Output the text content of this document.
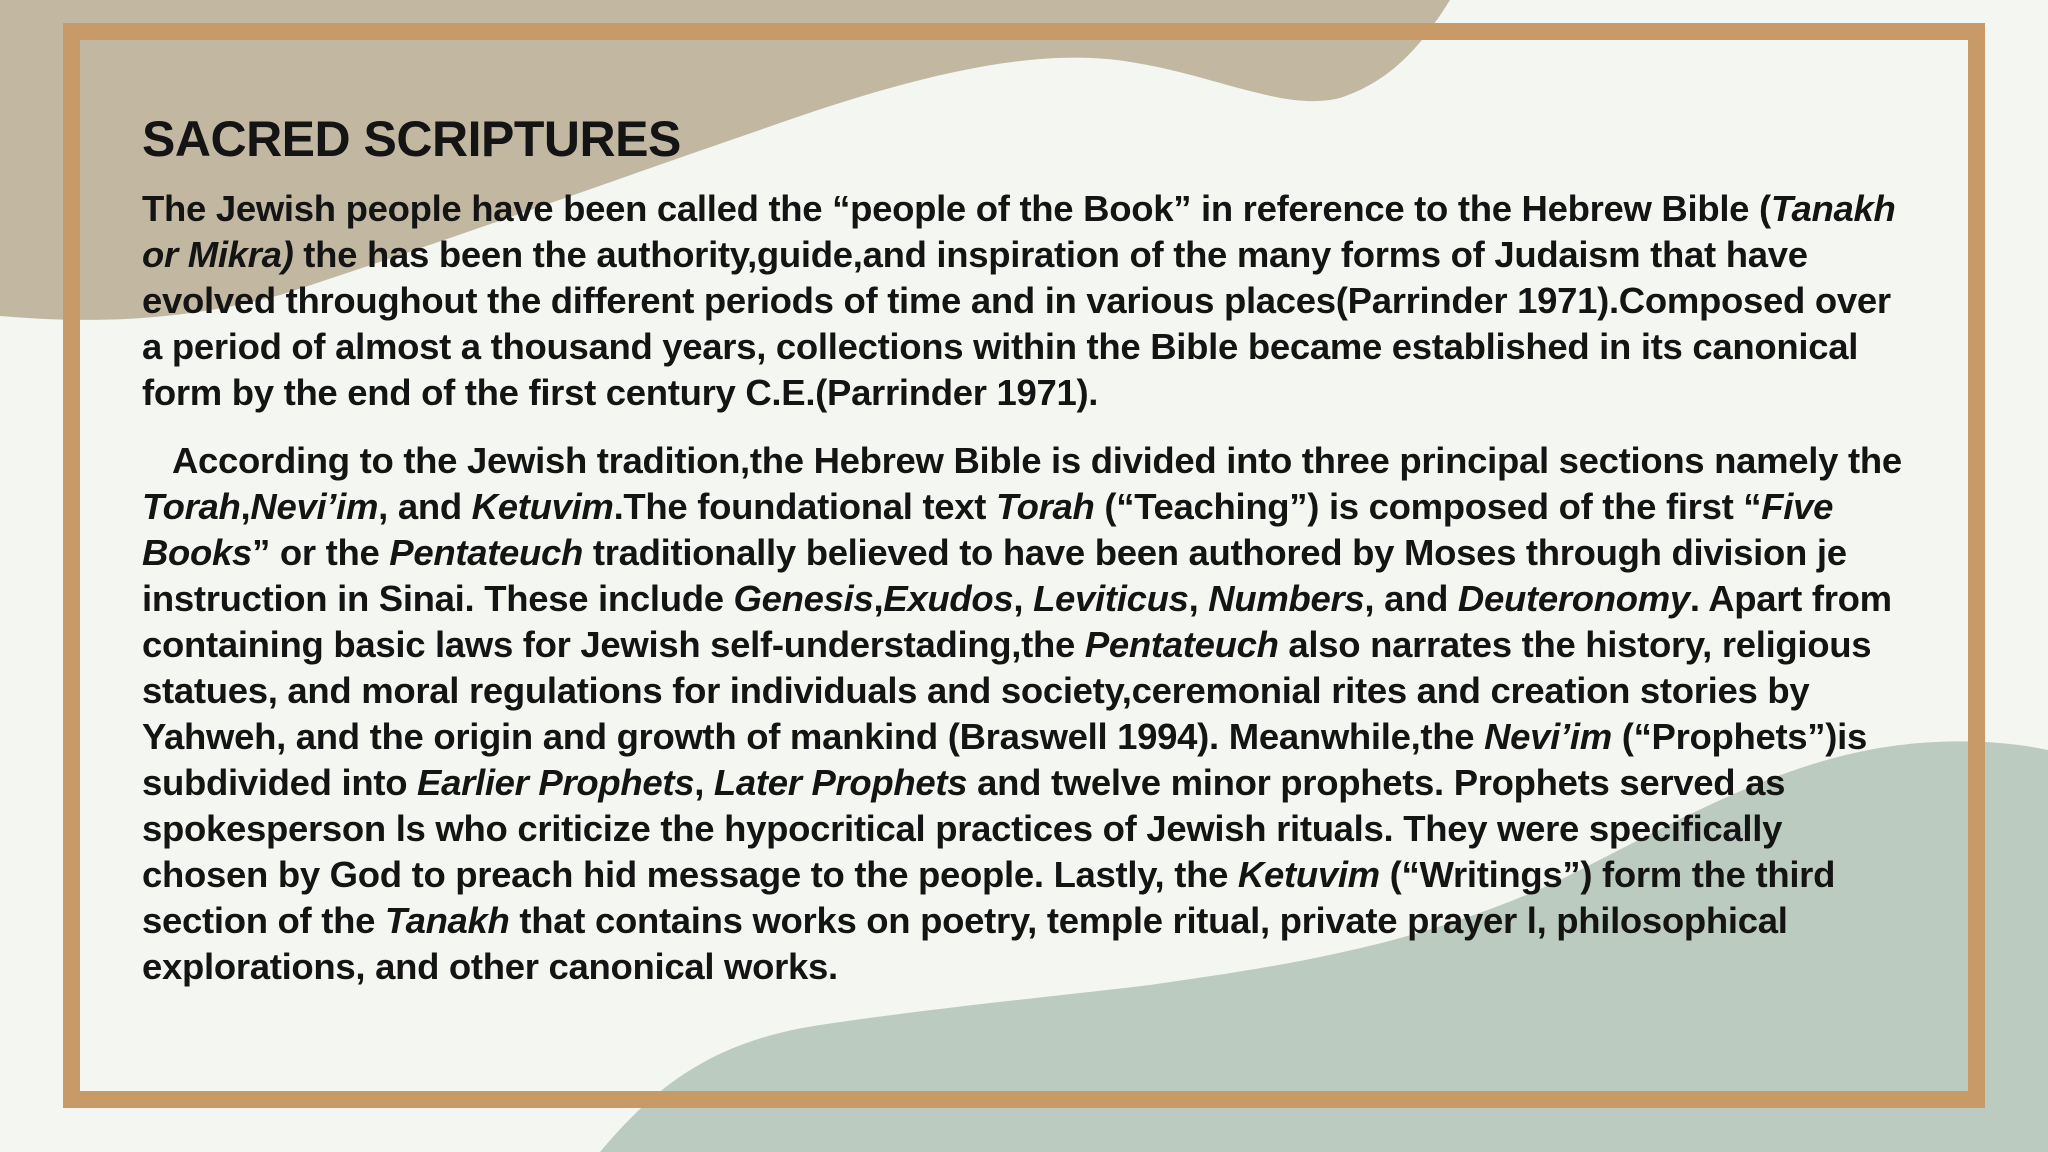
SACRED SCRIPTURES

The Jewish people have been called the “people of the Book” in reference to the Hebrew Bible (Tanakh or Mikra) the has been the authority,guide,and inspiration of the many forms of Judaism that have evolved throughout the different periods of time and in various places(Parrinder 1971).Composed over a period of almost a thousand years, collections within the Bible became established in its canonical form by the end of the first century C.E.(Parrinder 1971).

According to the Jewish tradition,the Hebrew Bible is divided into three principal sections namely the Torah,Nevi’im, and Ketuvim.The foundational text Torah (“Teaching”) is composed of the first “Five Books” or the Pentateuch traditionally believed to have been authored by Moses through division je instruction in Sinai. These include Genesis,Exudos, Leviticus, Numbers, and Deuteronomy. Apart from containing basic laws for Jewish self-understading,the Pentateuch also narrates the history, religious statues, and moral regulations for individuals and society,ceremonial rites and creation stories by Yahweh, and the origin and growth of mankind (Braswell 1994). Meanwhile,the Nevi’im (“Prophets”)is subdivided into Earlier Prophets, Later Prophets and twelve minor prophets. Prophets served as spokesperson ls who criticize the hypocritical practices of Jewish rituals. They were specifically chosen by God to preach hid message to the people. Lastly, the Ketuvim (“Writings”) form the third section of the Tanakh that contains works on poetry, temple ritual, private prayer l, philosophical explorations, and other canonical works.
